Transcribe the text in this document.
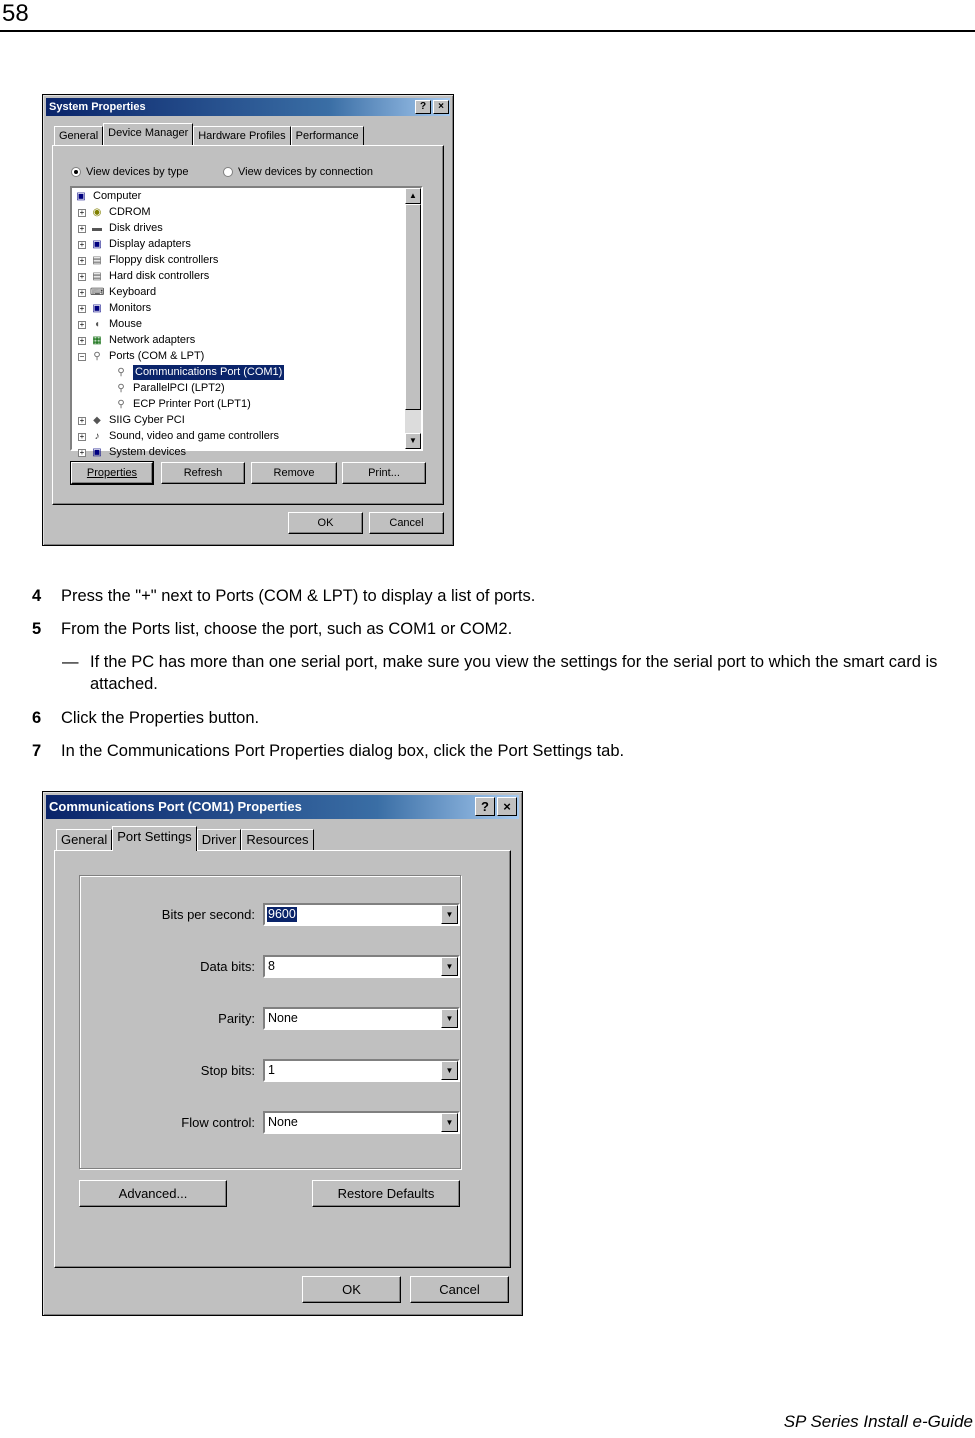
58
System Properties	?	×
General Device Manager Hardware Profiles Performance
View devices by type	View devices by connection
▣ Computer
+ ◉ CDROM
+ ▬ Disk drives
+ ▣ Display adapters
+ ▤ Floppy disk controllers
+ ▤ Hard disk controllers
+ ⌨ Keyboard
+ ▣ Monitors
+ ◖ Mouse
+ ▦ Network adapters
− ⚲ Ports (COM & LPT)
⚲ Communications Port (COM1)
⚲ ParallelPCI (LPT2)
⚲ ECP Printer Port (LPT1)
+ ◆ SIIG Cyber PCI
+	♪ Sound, video and game controllers
+ ▣ System devices
▲
▼
Properties	Refresh	Remove	Print...
OK	Cancel
4 Press the "+" next to Ports (COM & LPT) to display a list of ports.
5 From the Ports list, choose the port, such as COM1 or COM2.
— If the PC has more than one serial port, make sure you view the settings for the serial port to which the smart card is attached.
6 Click the Properties button.
7 In the Communications Port Properties dialog box, click the Port Settings tab.
Communications Port (COM1) Properties	?	×
General Port Settings Driver Resources
Bits per second: 9600	▼
Data bits: 8	▼
Parity: None	▼
Stop bits: 1	▼
Flow control: None	▼
Advanced...	Restore Defaults
OK	Cancel
SP Series Install e-Guide
